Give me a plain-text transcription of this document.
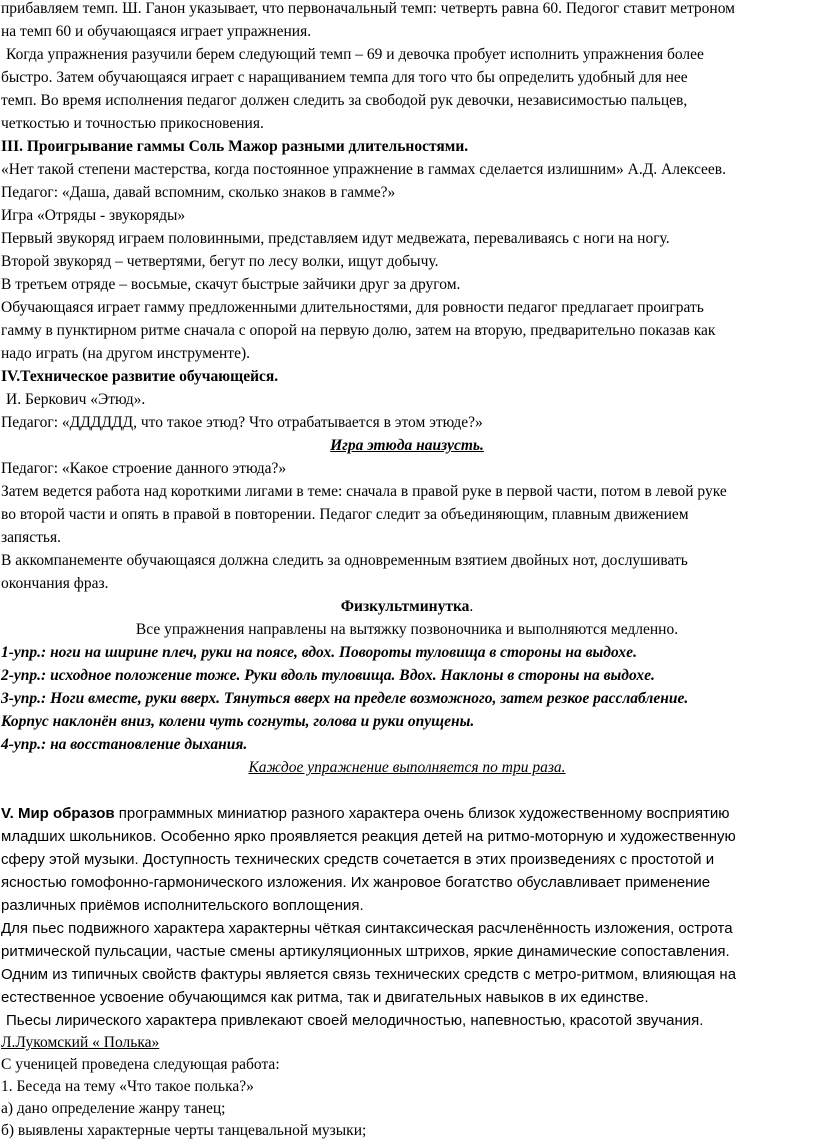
прибавляем темп. Ш. Ганон указывает, что первоначальный темп: четверть равна 60. Педогог ставит метроном

на темп 60 и обучающаяся играет упражнения.

Когда упражнения разучили берем следующий темп – 69 и девочка пробует исполнить упражнения более

быстро. Затем обучающаяся играет с наращиванием темпа для того что бы определить удобный для нее

темп. Во время исполнения педагог должен следить за свободой рук девочки, независимостью пальцев,

четкостью и точностью прикосновения.

III. Проигрывание гаммы Соль Мажор разными длительностями.

«Нет такой степени мастерства, когда постоянное упражнение в гаммах сделается излишним» А.Д. Алексеев.

Педагог: «Даша, давай вспомним, сколько знаков в гамме?»

Игра «Отряды - звукоряды»

Первый звукоряд играем половинными, представляем идут медвежата, переваливаясь с ноги на ногу.

Второй звукоряд – четвертями, бегут по лесу волки, ищут добычу.

В третьем отряде – восьмые, скачут быстрые зайчики друг за другом.

Обучающаяся играет гамму предложенными длительностями, для ровности педагог предлагает проиграть

гамму в пунктирном ритме сначала с опорой на первую долю, затем на вторую, предварительно показав как

надо играть (на другом инструменте).

IV.Техническое развитие обучающейся.

И. Беркович «Этюд».

Педагог: «ДДДДДД, что такое этюд? Что отрабатывается в этом этюде?»

Игра этюда наизусть.

Педагог: «Какое строение данного этюда?»

Затем ведется работа над короткими лигами в теме: сначала в правой руке в первой части, потом в левой руке

во второй части и опять в правой в повторении. Педагог следит за объединяющим, плавным движением

запястья.

В аккомпанементе обучающаяся должна следить за одновременным взятием двойных нот, дослушивать

окончания фраз.

Физкультминутка.

Все упражнения направлены на вытяжку позвоночника и выполняются медленно.

1-упр.: ноги на ширине плеч, руки на поясе, вдох. Повороты туловища в стороны на выдохе.

2-упр.: исходное положение тоже. Руки вдоль туловища. Вдох. Наклоны в стороны на выдохе.

3-упр.: Ноги вместе, руки вверх. Тянуться вверх на пределе возможного, затем резкое расслабление.

Корпус наклонён вниз, колени чуть согнуты, голова и руки опущены.

4-упр.: на восстановление дыхания.

Каждое упражнение выполняется по три раза.

V. Мир образов программных миниатюр разного характера очень близок художественному восприятию

младших школьников. Особенно ярко проявляется реакция детей на ритмо-моторную и художественную

сферу этой музыки. Доступность технических средств сочетается в этих произведениях с простотой и

ясностью гомофонно-гармонического изложения. Их жанровое богатство обуславливает применение

различных приёмов исполнительского воплощения.

Для пьес подвижного характера характерны чёткая синтаксическая расчленённость изложения, острота

ритмической пульсации, частые смены артикуляционных штрихов, яркие динамические сопоставления.

Одним из типичных свойств фактуры является связь технических средств с метро-ритмом, влияющая на

естественное усвоение обучающимся как ритма, так и двигательных навыков в их единстве.

Пьесы лирического характера привлекают своей мелодичностью, напевностью, красотой звучания.

Л.Лукомский « Полька»

С ученицей проведена следующая работа:

1. Беседа на тему «Что такое полька?»

а) дано определение жанру танец;

б) выявлены характерные черты танцевальной музыки;
